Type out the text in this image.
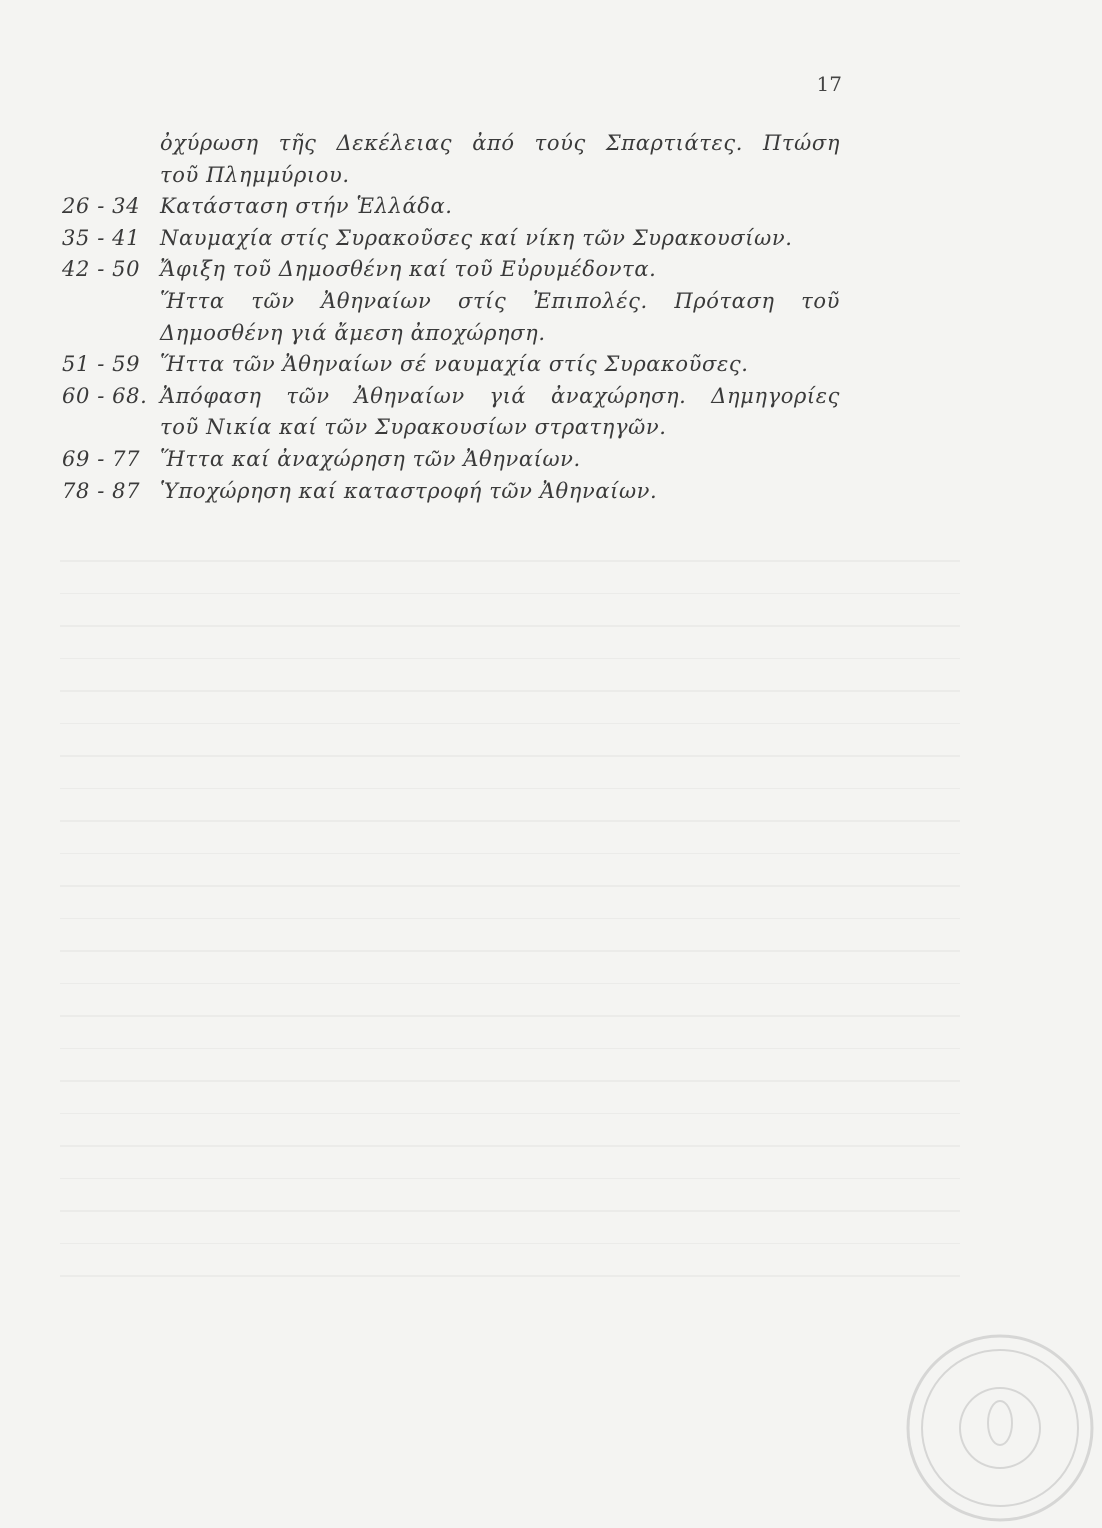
17
ὀχύρωση τῆς Δεκέλειας ἀπό τούς Σπαρτιάτες. Πτώση
τοῦ Πλημμύριου.
26 - 34 Κατάσταση στήν Ἑλλάδα.
35 - 41 Ναυμαχία στίς Συρακοῦσες καί νίκη τῶν Συρακουσίων.
42 - 50 Ἄφιξη τοῦ Δημοσθένη καί τοῦ Εὐρυμέδοντα.
Ἥττα τῶν Ἀθηναίων στίς Ἐπιπολές. Πρόταση τοῦ
Δημοσθένη γιά ἄμεση ἀποχώρηση.
51 - 59 Ἥττα τῶν Ἀθηναίων σέ ναυμαχία στίς Συρακοῦσες.
60 - 68. Ἀπόφαση τῶν Ἀθηναίων γιά ἀναχώρηση. Δημηγορίες
τοῦ Νικία καί τῶν Συρακουσίων στρατηγῶν.
69 - 77 Ἥττα καί ἀναχώρηση τῶν Ἀθηναίων.
78 - 87 Ὑποχώρηση καί καταστροφή τῶν Ἀθηναίων.
